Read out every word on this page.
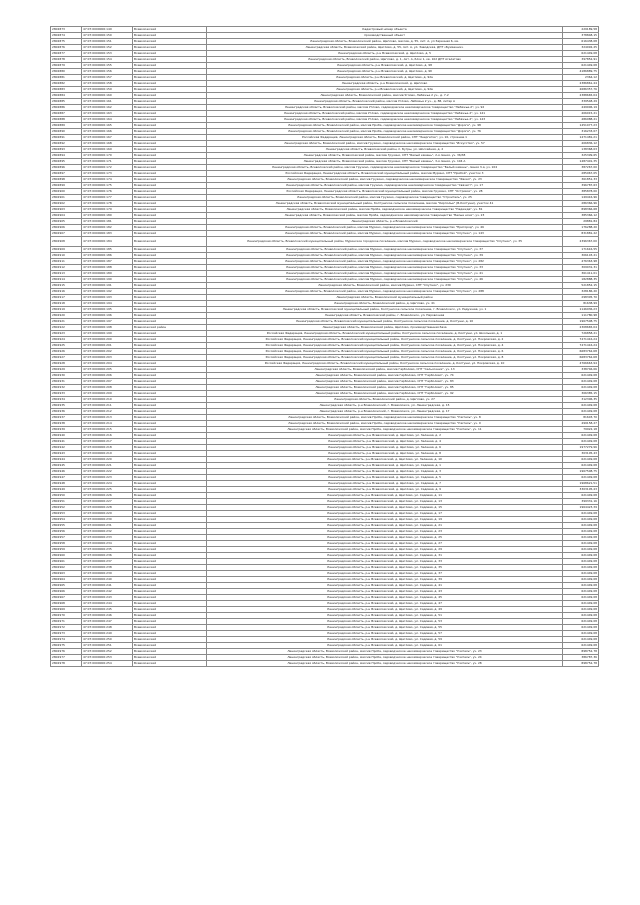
2802873	47:07:0000000:149	Всеволожский	Кадастровый номер объекта	229189,58
2802874	47:07:0000000:150	Всеволожский	производственный объект	378848,15
2802875	47:07:0000000:151	Всеволожский	Ленинградская область, Всеволожский район, Щеглово, массив, д. 55, лит. А, ул Заречная 6, кв.	616438,08
2802876	47:07:0000000:152	Всеволожский	Ленинградская область, Всеволожский район, Щеглово, д. 55, лит. А, ул. Заводская, ДНТ «Бумажник»	324092,25
2802877	47:07:0000000:153	Всеволожский	Ленинградская область, р-н Всеволожский, д. Щеглово, д. 5	621449,08
2802878	47:07:0000000:154	Всеволожский	Ленинградская область, Всеволожский район, Щеглово, д. 1, лит. А, блок 1, кв. 102 ДНТ Агалатово	397852,91
2802879	47:07:0000000:155	Всеволожский	Ленинградская область, р-н Всеволожский, д. Щеглово, д. 98	621449,08
2802880	47:07:0000000:156	Всеволожский	Ленинградская область, р-н Всеволожский, д. Щеглово, д. 9б	4186889,75
2802881	47:07:0000000:157	Всеволожский	Ленинградская область, р-н Всеволожский, д. Щеглово, д. 92а	2364,12
2802882	47:07:0000000:158	Всеволожский	Ленинградская область, р-н Всеволожский, д. Щеглово	2386861,44
2802883	47:07:0000000:159	Всеволожский	Ленинградская область, р-н Всеволожский, д. Щеглово, д. 92в	2686357,76
2802884	47:07:0000000:160	Всеволожский	Ленинградская область, Всеволожский район, массив Углово, Лебяжье 2 уч., д. 7-2	2388665,04
2802885	47:07:0000000:161	Всеволожский	Ленинградская область, Всеволожский район, массив Углово, Лебяжье 2 уч., д. 88, литер А	339548,29
2802886	47:07:0000000:162	Всеволожский	Ленинградская область, Всеволожский район, массив Углово, садоводческое некоммерческое товарищество "Лебяжье-2", уч. 92	449006,19
2802887	47:07:0000000:163	Всеволожский	Ленинградская область, Всеволожский район, массив Углово, садоводческое некоммерческое товарищество "Лебяжье-2", уч. 141	406015,21
2802888	47:07:0000000:164	Всеволожский	Ленинградская область, Всеволожский район, массив Углово, садоводческое некоммерческое товарищество "Лебяжье-2", уч. 143	486988,21
2802889	47:07:0000000:165	Всеволожский	Ленинградская область, Всеволожский район, массив Проба, садоводческое некоммерческое товарищество "Дорога", уч. 98	1451077,23
2802890	47:07:0000000:166	Всеволожский	Ленинградская область, Всеволожский район, массив Проба, садоводческое некоммерческое товарищество "Дорога", уч. 76	316233,07
2802891	47:07:0000000:167	Всеволожский	Российская Федерация, Ленинградская область, Всеволожский район, СНТ "Энергетик", уч. 10, строение 1	1471481,21
2802892	47:07:0000000:168	Всеволожский	Ленинградская область, Всеволожский район, массив Грузино, садоводческое некоммерческое товарищество "Искусство", уч. 57	406836,12
2802893	47:07:0000000:169	Всеволожский	Ленинградская область, Всеволожский район, п. Бугры, ул. Шоссейная, д. 2	138368,03
2802894	47:07:0000000:170	Всеволожский	Ленинградская область, Всеволожский район, массив Грузино, СНТ "Белый камень", 2-я линия, уч. 36/38	325399,65
2802895	47:07:0000000:171	Всеволожский	Ленинградская область, Всеволожский район, массив Грузино, СНТ "Белый камень", 3-я линия, уч. 104 А	1487401,35
2802896	47:07:0000000:172	Всеволожский	Ленинградская область, Всеволожский район, массив Грузино, садоводческое некоммерческое товарищество "Белый камень", линия 3-я, уч. 104	387267,00
2802897	47:07:0000000:173	Всеволожский	Российская Федерация, Ленинградская область, Всеволожский муниципальный район, массив Мурино, СНТ "Прибой", участок 3	285967,05
2802898	47:07:0000000:174	Всеволожский	Ленинградская область, Всеволожский район, массив Грузино, садоводческое некоммерческое товарищество "Факел", уч. 23	361851,33
2802899	47:07:0000000:175	Всеволожский	Ленинградская область, Всеволожский район, массив Грузино, садоводческое некоммерческое товарищество "Связист", уч. 17	396787,63
2802900	47:07:0000000:176	Всеволожский	Российская Федерация, Ленинградская область, Всеволожский муниципальный район, массив Грузино, СНТ "Островок", уч. 28	385878,00
2802901	47:07:0000000:177	Всеволожский	Ленинградская область, Всеволожский район, массив Грузино, садоводческое товарищество "Строитель", уч. 25	149416,96
2802902	47:07:0000000:178	Всеволожский	Ленинградская область, Всеволожский муниципальный район, Колтушское сельское поселение, массив "Кирполье" (В-Колтуши), участок 41	286366,96
2802903	47:07:0000000:179	Всеволожский	Ленинградская область, Всеволожский район, массив Проба, садоводческое некоммерческое товарищество "Надежда", уч. 81	898366,68
2802904	47:07:0000000:180	Всеволожский	Ленинградская область, Всеволожский район, массив Проба, садоводческое некоммерческое товарищество "Белые ночи", уч. 23	385366,12
2802905	47:07:0000000:181	Всеволожский	Ленинградская область, р-н Всеволожский	29881,84
2802906	47:07:0000000:182	Всеволожский	Ленинградская область, Всеволожский район, массив Мурино, садоводческое некоммерческое товарищество "Пригород", уч. 46	176288,20
2802907	47:07:0000000:183	Всеволожский	Ленинградская область, Всеволожский район, массив Мурино, садоводческое некоммерческое товарищество "Спутник", уч. 143	831881,22
2802908	47:07:0000000:184	Всеволожский	Ленинградская область, Всеволожский муниципальный район, Муринское городское поселение, массив Мурино, садоводческое некоммерческое товарищество "Спутник", уч. 35	2396367,00
2802909	47:07:0000000:185	Всеволожский	Ленинградская область, Всеволожский район, массив Мурино, садоводческое некоммерческое товарищество "Спутник", уч. 37	171616,55
2802910	47:07:0000000:186	Всеволожский	Ленинградская область, Всеволожский район, массив Мурино, садоводческое некоммерческое товарищество "Спутник", уч. 39	306103,21
2802911	47:07:0000000:187	Всеволожский	Ленинградская область, Всеволожский район, массив Мурино, садоводческое некоммерческое товарищество "Спутник", уч. 282	476363,98
2802912	47:07:0000000:188	Всеволожский	Ленинградская область, Всеволожский район, массив Мурино, садоводческое некоммерческое товарищество "Спутник", уч. 33	309031,31
2802913	47:07:0000000:189	Всеволожский	Ленинградская область, Всеволожский район, массив Мурино, садоводческое некоммерческое товарищество "Спутник", уч. 41	361411,01
2802914	47:07:0000000:190	Всеволожский	Ленинградская область, Всеволожский район, массив Мурино, садоводческое некоммерческое товарищество "Спутник", уч. 46	182888,35
2802915	47:07:0000000:191	Всеволожский	Ленинградская область, Всеволожский район, массив Мурино, СНТ "Спутник", уч. 230	521852,15
2802916	47:07:0000000:192	Всеволожский	Ленинградская область, Всеволожский район, массив Мурино, садоводческое некоммерческое товарищество "Спутник", уч. 288	328186,20
2802917	47:07:0000000:193	Всеволожский	Ленинградская область, Всеволожский муниципальный район	298305,70
2802918	47:07:0000000:194	Всеволожский	Ленинградская область, Всеволожский район, д. Щеглово, уч. 41	81638,99
2802919	47:07:0000000:195	Всеволожский	Ленинградская область, Всеволожский муниципальный район, Колтушское сельское поселение, г. Всеволожск, ул. Радужная, уч. 1	1146936,23
2802920	47:07:0000000:196	Всеволожский	Ленинградская область, Всеволожский район, г. Всеволожск, ул. Паровозная	111780,98
2802921	47:07:0000000:197	Всеволожский	Ленинградская область, Всеволожский муниципальный район, Колтушское сельское поселение, д. Колтуши, д. 10	1967508,75
2802922	47:07:0000000:198	Всеволожский район	Ленинградская область, Всеволожский район, Щеглово, производственная база	2308665,04
2802923	47:07:0000000:199	Всеволожский	Российская Федерация, Ленинградская область, Всеволожский муниципальный район, Колтушское сельское поселение, д. Колтуши, ул. Школьная, д. 1	726858,21
2802924	47:07:0000000:200	Всеволожский	Российская Федерация, Ленинградская область, Всеволожский муниципальный район, Колтушское сельское поселение, д. Колтуши, ул. Покровская, д. 2	7471416,24
2802925	47:07:0000000:201	Всеволожский	Российская Федерация, Ленинградская область, Всеволожский муниципальный район, Колтушское сельское поселение, д. Колтуши, ул. Покровская, д. 4	7471416,24
2802926	47:07:0000000:202	Всеволожский	Российская Федерация, Ленинградская область, Всеволожский муниципальный район, Колтушское сельское поселение, д. Колтуши, ул. Покровская, д. 6	6683762,68
2802927	47:07:0000000:203	Всеволожский	Российская Федерация, Ленинградская область, Всеволожский муниципальный район, Колтушское сельское поселение, д. Колтуши, ул. Покровская, д. 8	6683762,68
2802928	47:07:0000000:204	Всеволожский	Российская Федерация, Ленинградская область, Всеволожский муниципальный район, Колтушское сельское поселение, д. Колтуши, ул. Покровская, д. 10	4766663,94
2802929	47:07:0000000:205	Всеволожский	Ленинградская область, Всеволожский район, массив Гарболово, СНТ "Сельхозник", уч. 13	338746,06
2802930	47:07:0000000:206	Всеволожский	Ленинградская область, Всеволожский район, массив Гарболово, СНТ "Гарболово", уч. 74	621449,08
2802931	47:07:0000000:207	Всеволожский	Ленинградская область, Всеволожский район, массив Гарболово, СНТ "Гарболово", уч. 83	621449,08
2802932	47:07:0000000:208	Всеволожский	Ленинградская область, Всеволожский район, массив Гарболово, СНТ "Гарболово", уч. 85	621449,08
2802933	47:07:0000000:209	Всеволожский	Ленинградская область, Всеволожский район, массив Гарболово, СНТ "Гарболово", уч. 92	306385,15
2802934	47:07:0000000:210	Всеволожский	Ленинградская область, Всеволожский район, д. Щеглово, уч. 27	312306,35
2802935	47:07:0000000:211	Всеволожский	Ленинградская область, р-н Всеволожский, г. Всеволожск, ул. Ленинградская, д. 15	621449,08
2802936	47:07:0000000:212	Всеволожский	Ленинградская область, р-н Всеволожский, г. Всеволожск, ул. Ленинградская, д. 17	621449,08
2802937	47:07:0000000:213	Всеволожский	Ленинградская область, Всеволожский район, массив Проба, садоводческое некоммерческое товарищество "Учитель", уч. 8	81603,70
2802938	47:07:0000000:214	Всеволожский	Ленинградская область, Всеволожский район, массив Проба, садоводческое некоммерческое товарищество "Учитель", уч. 9	499158,27
2802939	47:07:0000000:215	Всеволожский	Ленинградская область, Всеволожский район, массив Проба, садоводческое некоммерческое товарищество "Учитель", уч. 11	79922,18
2802940	47:07:0000000:216	Всеволожский	Ленинградская область, р-н Всеволожский, д. Щеглово, ул. Зеленая, д. 2	621449,08
2802941	47:07:0000000:217	Всеволожский	Ленинградская область, р-н Всеволожский, д. Щеглово, ул. Зеленая, д. 4	621449,08
2802942	47:07:0000000:218	Всеволожский	Ленинградская область, р-н Всеволожский, д. Щеглово, ул. Зеленая, д. 6	1977279,96
2802943	47:07:0000000:219	Всеволожский	Ленинградская область, р-н Всеволожский, д. Щеглово, ул. Зеленая, д. 8	303105,43
2802944	47:07:0000000:220	Всеволожский	Ленинградская область, р-н Всеволожский, д. Щеглово, ул. Зеленая, д. 10	621449,08
2802945	47:07:0000000:221	Всеволожский	Ленинградская область, р-н Всеволожский, д. Щеглово, ул. Садовая, д. 1	621449,08
2802946	47:07:0000000:222	Всеволожский	Ленинградская область, р-н Всеволожский, д. Щеглово, ул. Садовая, д. 3	1967508,75
2802947	47:07:0000000:223	Всеволожский	Ленинградская область, р-н Всеволожский, д. Щеглово, ул. Садовая, д. 5	621449,08
2802948	47:07:0000000:224	Всеволожский	Ленинградская область, р-н Всеволожский, д. Щеглово, ул. Садовая, д. 7	1968621,51
2802949	47:07:0000000:225	Всеволожский	Ленинградская область, р-н Всеволожский, д. Щеглово, ул. Садовая, д. 9	3303105,43
2802950	47:07:0000000:226	Всеволожский	Ленинградская область, р-н Всеволожский, д. Щеглово, ул. Садовая, д. 11	621449,08
2802951	47:07:0000000:227	Всеволожский	Ленинградская область, р-н Всеволожский, д. Щеглово, ул. Садовая, д. 13	399331,16
2802952	47:07:0000000:228	Всеволожский	Ленинградская область, р-н Всеволожский, д. Щеглово, ул. Садовая, д. 15	1964423,39
2802953	47:07:0000000:229	Всеволожский	Ленинградская область, р-н Всеволожский, д. Щеглово, ул. Садовая, д. 17	621449,08
2802954	47:07:0000000:230	Всеволожский	Ленинградская область, р-н Всеволожский, д. Щеглово, ул. Садовая, д. 19	621449,08
2802955	47:07:0000000:231	Всеволожский	Ленинградская область, р-н Всеволожский, д. Щеглово, ул. Садовая, д. 21	621449,08
2802956	47:07:0000000:232	Всеволожский	Ленинградская область, р-н Всеволожский, д. Щеглово, ул. Садовая, д. 23	621449,08
2802957	47:07:0000000:233	Всеволожский	Ленинградская область, р-н Всеволожский, д. Щеглово, ул. Садовая, д. 25	621449,08
2802958	47:07:0000000:234	Всеволожский	Ленинградская область, р-н Всеволожский, д. Щеглово, ул. Садовая, д. 27	621449,08
2802959	47:07:0000000:235	Всеволожский	Ленинградская область, р-н Всеволожский, д. Щеглово, ул. Садовая, д. 29	621449,08
2802960	47:07:0000000:236	Всеволожский	Ленинградская область, р-н Всеволожский, д. Щеглово, ул. Садовая, д. 31	621449,08
2802961	47:07:0000000:237	Всеволожский	Ленинградская область, р-н Всеволожский, д. Щеглово, ул. Садовая, д. 33	621449,08
2802962	47:07:0000000:238	Всеволожский	Ленинградская область, р-н Всеволожский, д. Щеглово, ул. Садовая, д. 35	621449,08
2802963	47:07:0000000:239	Всеволожский	Ленинградская область, р-н Всеволожский, д. Щеглово, ул. Садовая, д. 37	621449,08
2802964	47:07:0000000:240	Всеволожский	Ленинградская область, р-н Всеволожский, д. Щеглово, ул. Садовая, д. 39	621449,08
2802965	47:07:0000000:241	Всеволожский	Ленинградская область, р-н Всеволожский, д. Щеглово, ул. Садовая, д. 41	621449,08
2802966	47:07:0000000:242	Всеволожский	Ленинградская область, р-н Всеволожский, д. Щеглово, ул. Садовая, д. 43	621449,08
2802967	47:07:0000000:243	Всеволожский	Ленинградская область, р-н Всеволожский, д. Щеглово, ул. Садовая, д. 45	621449,08
2802968	47:07:0000000:244	Всеволожский	Ленинградская область, р-н Всеволожский, д. Щеглово, ул. Садовая, д. 47	621449,08
2802969	47:07:0000000:245	Всеволожский	Ленинградская область, р-н Всеволожский, д. Щеглово, ул. Садовая, д. 49	621449,08
2802970	47:07:0000000:246	Всеволожский	Ленинградская область, р-н Всеволожский, д. Щеглово, ул. Садовая, д. 51	621449,08
2802971	47:07:0000000:247	Всеволожский	Ленинградская область, р-н Всеволожский, д. Щеглово, ул. Садовая, д. 53	621449,08
2802972	47:07:0000000:248	Всеволожский	Ленинградская область, р-н Всеволожский, д. Щеглово, ул. Садовая, д. 55	621449,08
2802973	47:07:0000000:249	Всеволожский	Ленинградская область, р-н Всеволожский, д. Щеглово, ул. Садовая, д. 57	621449,08
2802974	47:07:0000000:250	Всеволожский	Ленинградская область, р-н Всеволожский, д. Щеглово, ул. Садовая, д. 59	621449,08
2802975	47:07:0000000:251	Всеволожский	Ленинградская область, р-н Всеволожский, д. Щеглово, ул. Садовая, д. 61	621449,08
2802976	47:07:0000000:252	Всеволожский	Ленинградская область, Всеволожский район, массив Проба, садоводческое некоммерческое товарищество "Учитель", уч. 23	898752,78
2802977	47:07:0000000:253	Всеволожский	Ленинградская область, Всеволожский район, массив Проба, садоводческое некоммерческое товарищество "Учитель", уч. 24	386787,36
2802978	47:07:0000000:254	Всеволожский	Ленинградская область, Всеволожский район, массив Проба, садоводческое некоммерческое товарищество "Учитель", уч. 28	898752,78
